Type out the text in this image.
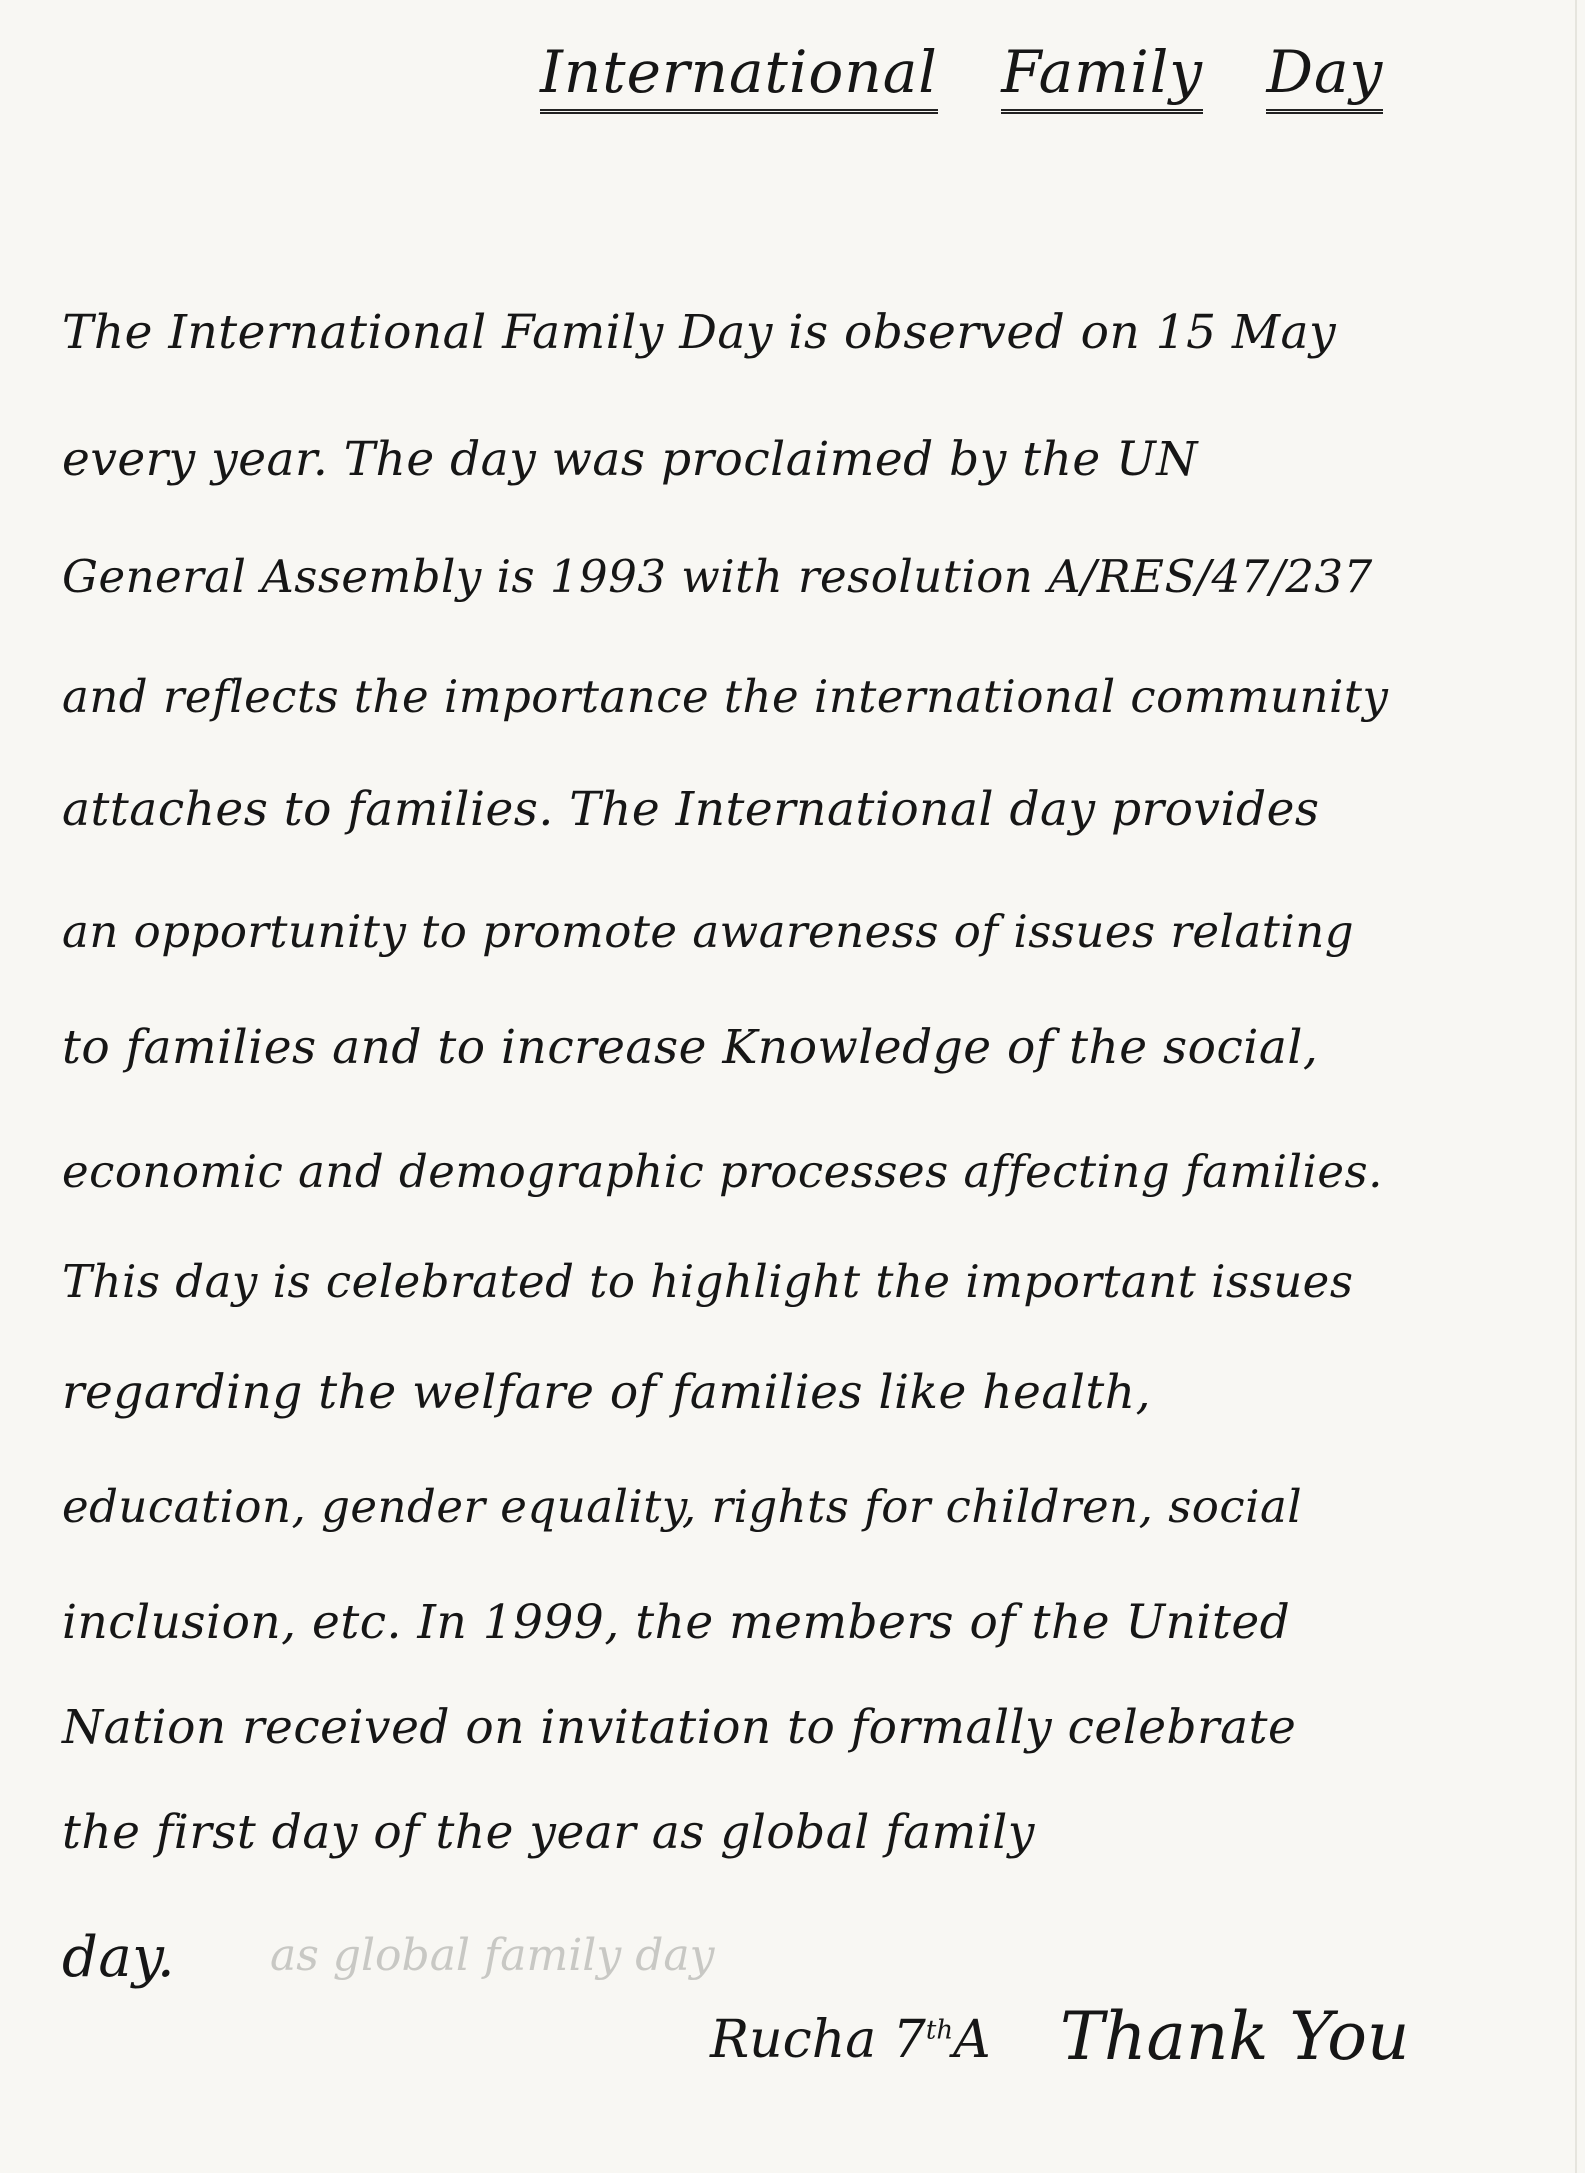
International Family Day
The International Family Day is observed on 15 May
every year. The day was proclaimed by the UN
General Assembly is 1993 with resolution A/RES/47/237
and reflects the importance the international community
attaches to families. The International day provides
an opportunity to promote awareness of issues relating
to families and to increase Knowledge of the social,
economic and demographic processes affecting families.
This day is celebrated to highlight the important issues
regarding the welfare of families like health,
education, gender equality, rights for children, social
inclusion, etc. In 1999, the members of the United
Nation received on invitation to formally celebrate
the first day of the year as global family
day. as global family day
Rucha 7thA Thank You
